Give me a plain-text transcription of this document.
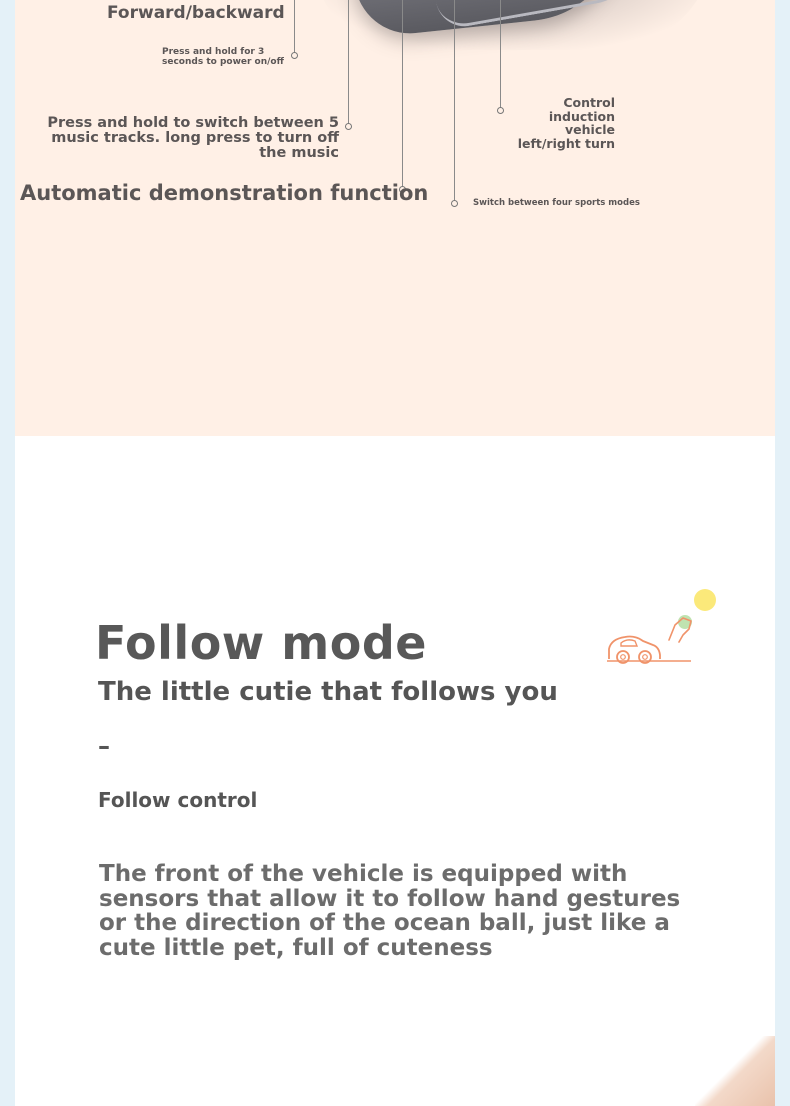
Forward/backward
Press and hold for 3 seconds to power on/off
Press and hold to switch between 5 music tracks. long press to turn off the music
Automatic demonstration function
Control induction vehicle left/right turn
Switch between four sports modes
Follow mode
The little cutie that follows you
–
Follow control
The front of the vehicle is equipped with sensors that allow it to follow hand gestures or the direction of the ocean ball, just like a cute little pet, full of cuteness
